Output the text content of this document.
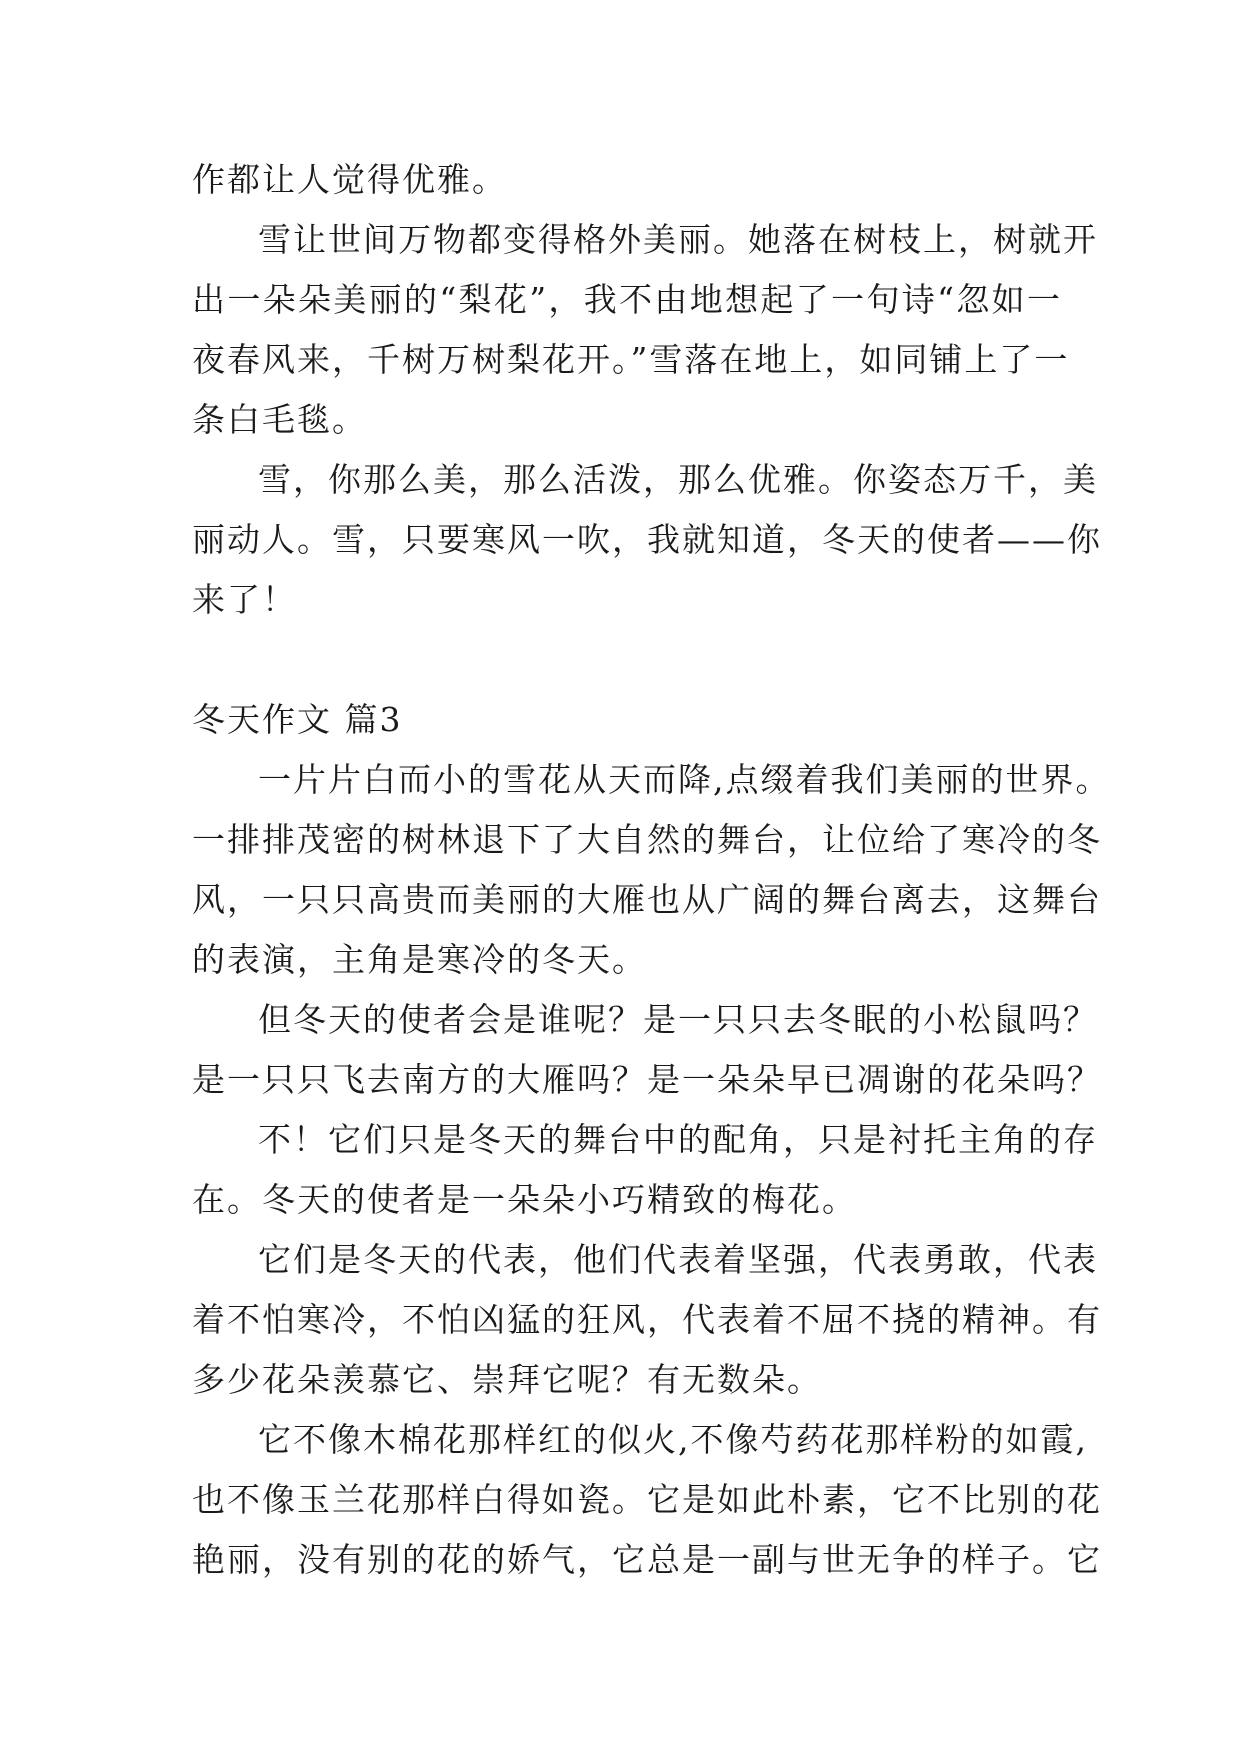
作都让人觉得优雅。
雪让世间万物都变得格外美丽。她落在树枝上，树就开
出一朵朵美丽的“梨花”，我不由地想起了一句诗“忽如一
夜春风来，千树万树梨花开。”雪落在地上，如同铺上了一
条白毛毯。
雪，你那么美，那么活泼，那么优雅。你姿态万千，美
丽动人。雪，只要寒风一吹，我就知道，冬天的使者——你
来了！
冬天作文 篇3
一片片白而小的雪花从天而降,点缀着我们美丽的世界。
一排排茂密的树林退下了大自然的舞台，让位给了寒冷的冬
风，一只只高贵而美丽的大雁也从广阔的舞台离去，这舞台
的表演，主角是寒冷的冬天。
但冬天的使者会是谁呢？是一只只去冬眠的小松鼠吗？
是一只只飞去南方的大雁吗？是一朵朵早已凋谢的花朵吗？
不！它们只是冬天的舞台中的配角，只是衬托主角的存
在。冬天的使者是一朵朵小巧精致的梅花。
它们是冬天的代表，他们代表着坚强，代表勇敢，代表
着不怕寒冷，不怕凶猛的狂风，代表着不屈不挠的精神。有
多少花朵羡慕它、崇拜它呢？有无数朵。
它不像木棉花那样红的似火,不像芍药花那样粉的如霞,
也不像玉兰花那样白得如瓷。它是如此朴素，它不比别的花
艳丽，没有别的花的娇气，它总是一副与世无争的样子。它
